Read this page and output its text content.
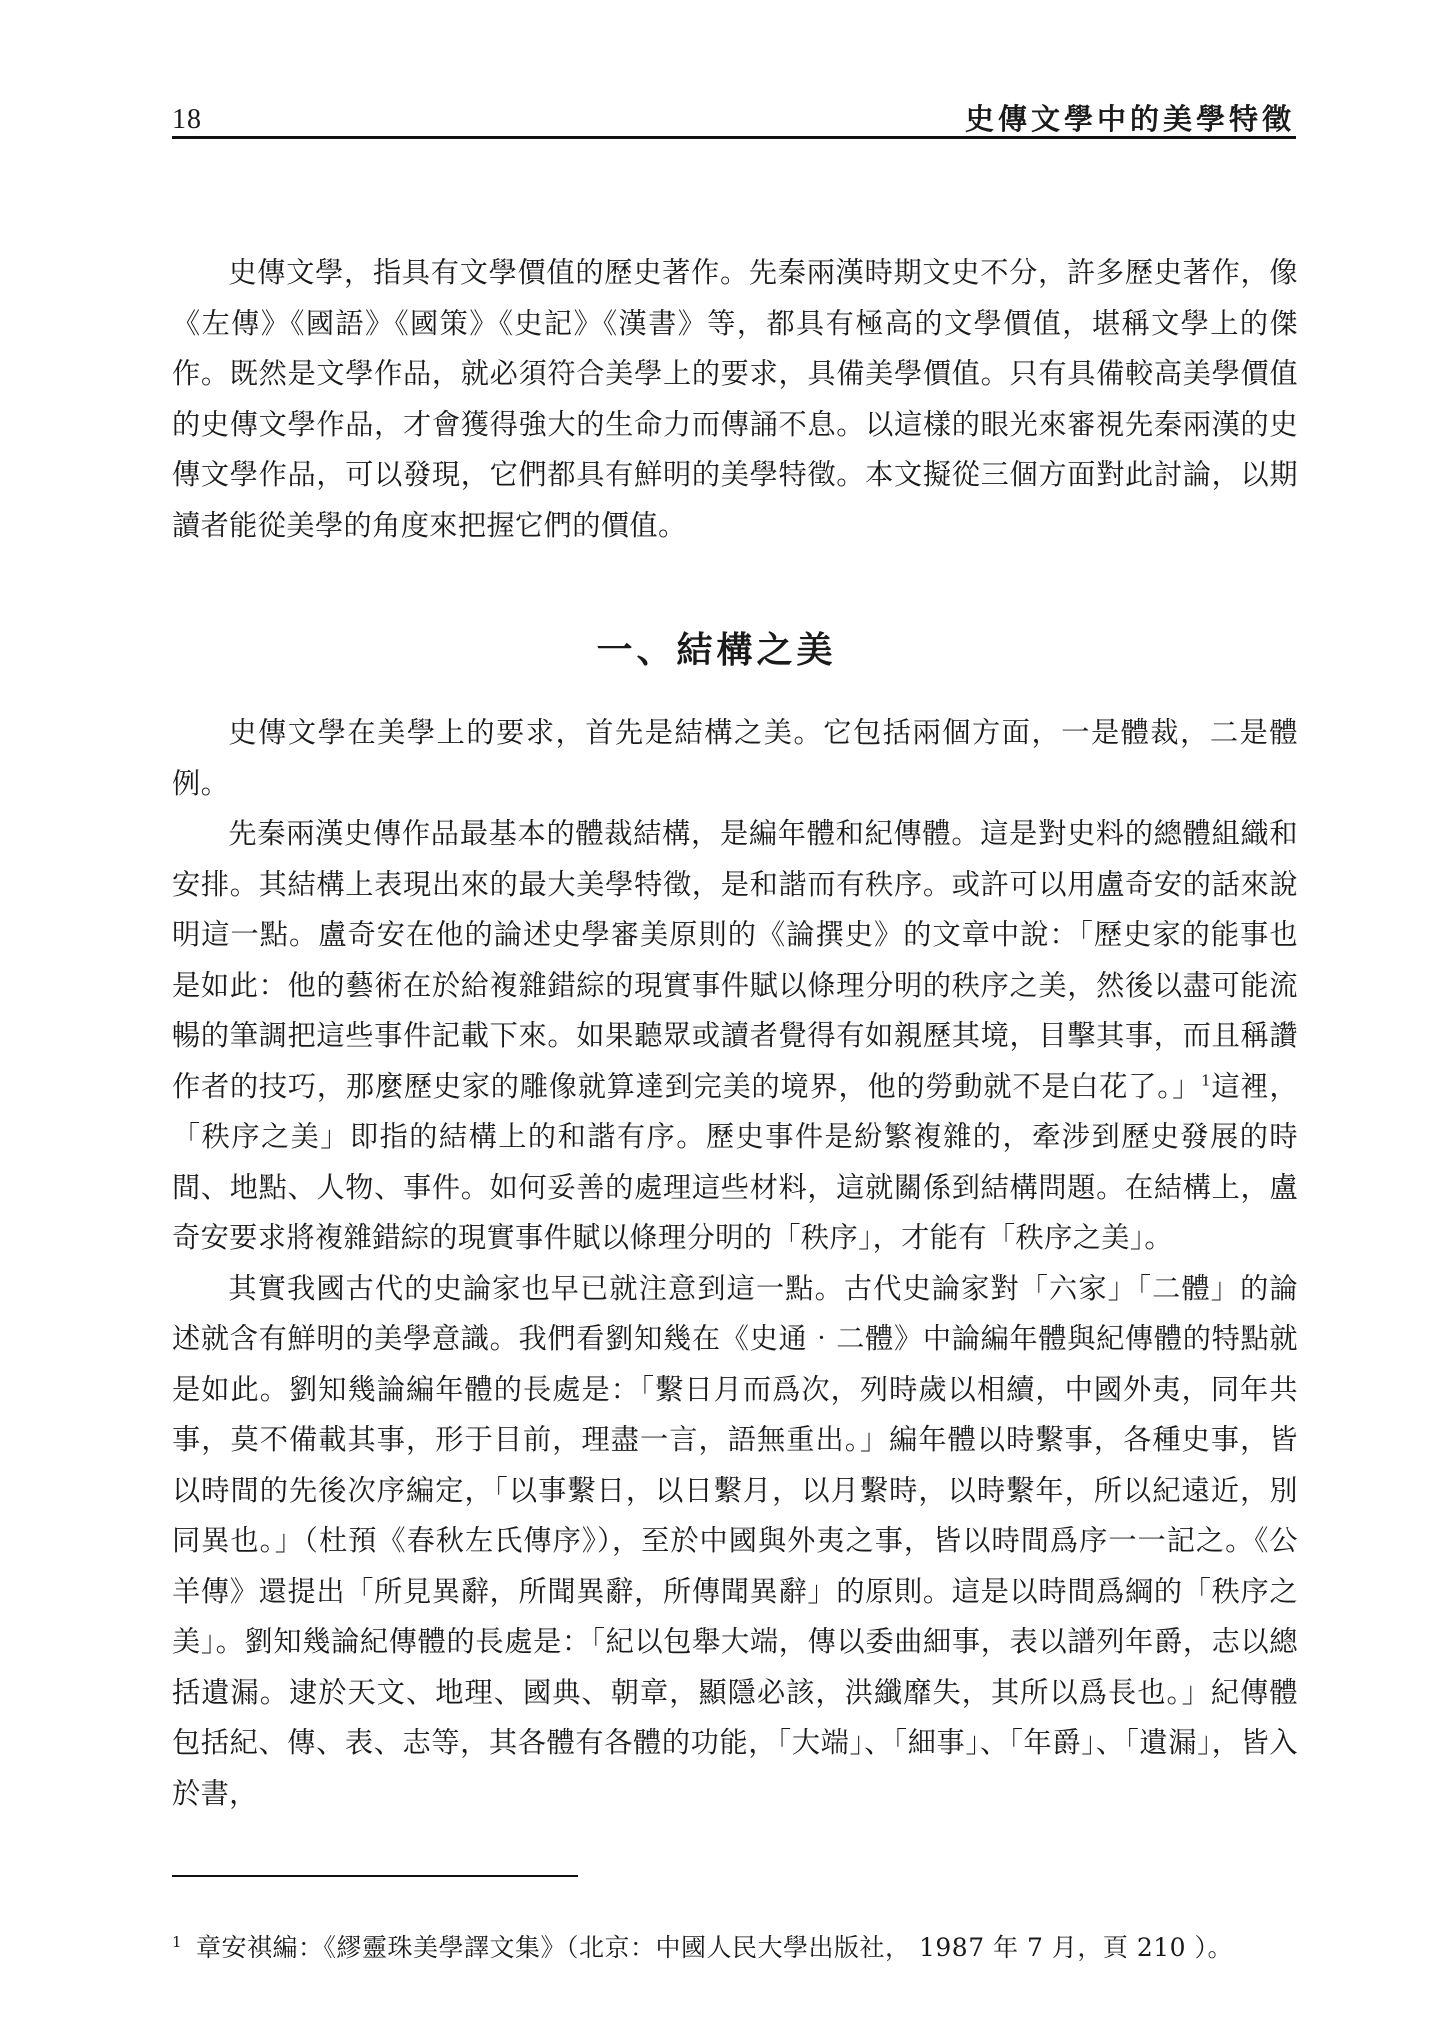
18	史傳文學中的美學特徵

史傳文學，指具有文學價值的歷史著作。先秦兩漢時期文史不分，許多歷史著作，像《左傳》《國語》《國策》《史記》《漢書》等，都具有極高的文學價值，堪稱文學上的傑作。既然是文學作品，就必須符合美學上的要求，具備美學價值。只有具備較高美學價值的史傳文學作品，才會獲得強大的生命力而傳誦不息。以這樣的眼光來審視先秦兩漢的史傳文學作品，可以發現，它們都具有鮮明的美學特徵。本文擬從三個方面對此討論，以期讀者能從美學的角度來把握它們的價值。

一、結構之美

史傳文學在美學上的要求，首先是結構之美。它包括兩個方面，一是體裁，二是體例。

先秦兩漢史傳作品最基本的體裁結構，是編年體和紀傳體。這是對史料的總體組織和安排。其結構上表現出來的最大美學特徵，是和諧而有秩序。或許可以用盧奇安的話來說明這一點。盧奇安在他的論述史學審美原則的《論撰史》的文章中說：「歷史家的能事也是如此：他的藝術在於給複雜錯綜的現實事件賦以條理分明的秩序之美，然後以盡可能流暢的筆調把這些事件記載下來。如果聽眾或讀者覺得有如親歷其境，目擊其事，而且稱讚作者的技巧，那麼歷史家的雕像就算達到完美的境界，他的勞動就不是白花了。」$^1$這裡，「秩序之美」即指的結構上的和諧有序。歷史事件是紛繁複雜的，牽涉到歷史發展的時間、地點、人物、事件。如何妥善的處理這些材料，這就關係到結構問題。在結構上，盧奇安要求將複雜錯綜的現實事件賦以條理分明的「秩序」，才能有「秩序之美」。

其實我國古代的史論家也早已就注意到這一點。古代史論家對「六家」「二體」的論述就含有鮮明的美學意識。我們看劉知幾在《史通‧二體》中論編年體與紀傳體的特點就是如此。劉知幾論編年體的長處是：「繫日月而爲次，列時歲以相續，中國外夷，同年共事，莫不備載其事，形于目前，理盡一言，語無重出。」編年體以時繫事，各種史事，皆以時間的先後次序編定，「以事繫日，以日繫月，以月繫時，以時繫年，所以紀遠近，別同異也。」（杜預《春秋左氏傳序》），至於中國與外夷之事，皆以時間爲序一一記之。《公羊傳》還提出「所見異辭，所聞異辭，所傳聞異辭」的原則。這是以時間爲綱的「秩序之美」。劉知幾論紀傳體的長處是：「紀以包舉大端，傳以委曲細事，表以譜列年爵，志以總括遺漏。逮於天文、地理、國典、朝章，顯隱必該，洪纖靡失，其所以爲長也。」紀傳體包括紀、傳、表、志等，其各體有各體的功能，「大端」、「細事」、「年爵」、「遺漏」，皆入於書，

$^1$ 章安祺編：《繆靈珠美學譯文集》（北京：中國人民大學出版社， 1987 年 7 月，頁 210 ）。
